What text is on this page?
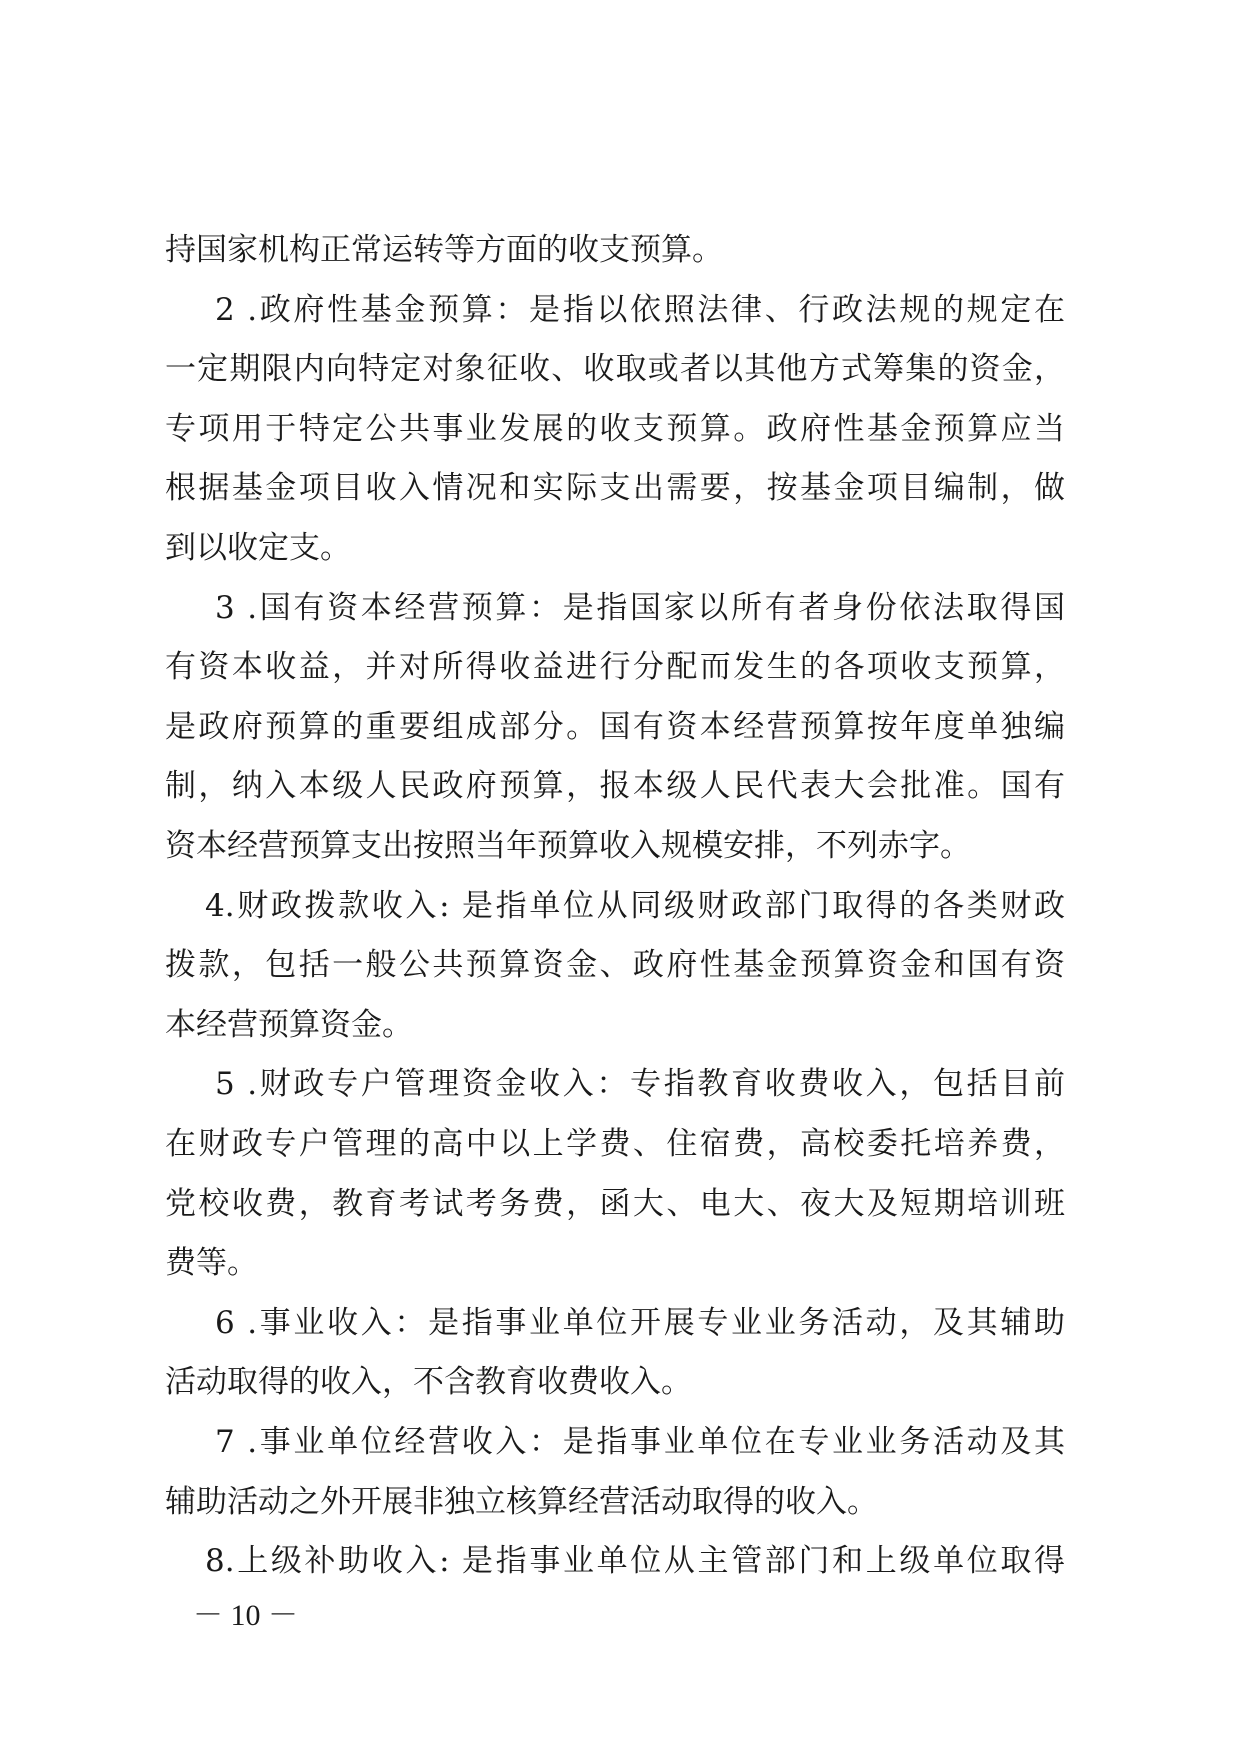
持国家机构正常运转等方面的收支预算。
2 .政府性基金预算：是指以依照法律、行政法规的规定在
一定期限内向特定对象征收、收取或者以其他方式筹集的资金，
专项用于特定公共事业发展的收支预算。政府性基金预算应当
根据基金项目收入情况和实际支出需要，按基金项目编制，做
到以收定支。
3 .国有资本经营预算：是指国家以所有者身份依法取得国
有资本收益，并对所得收益进行分配而发生的各项收支预算，
是政府预算的重要组成部分。国有资本经营预算按年度单独编
制，纳入本级人民政府预算，报本级人民代表大会批准。国有
资本经营预算支出按照当年预算收入规模安排，不列赤字。
4.财政拨款收入: 是指单位从同级财政部门取得的各类财政
拨款，包括一般公共预算资金、政府性基金预算资金和国有资
本经营预算资金。
5 .财政专户管理资金收入：专指教育收费收入，包括目前
在财政专户管理的高中以上学费、住宿费，高校委托培养费，
党校收费，教育考试考务费，函大、电大、夜大及短期培训班
费等。
6 .事业收入：是指事业单位开展专业业务活动，及其辅助
活动取得的收入，不含教育收费收入。
7 .事业单位经营收入：是指事业单位在专业业务活动及其
辅助活动之外开展非独立核算经营活动取得的收入。
8.上级补助收入: 是指事业单位从主管部门和上级单位取得
－ 10 －
